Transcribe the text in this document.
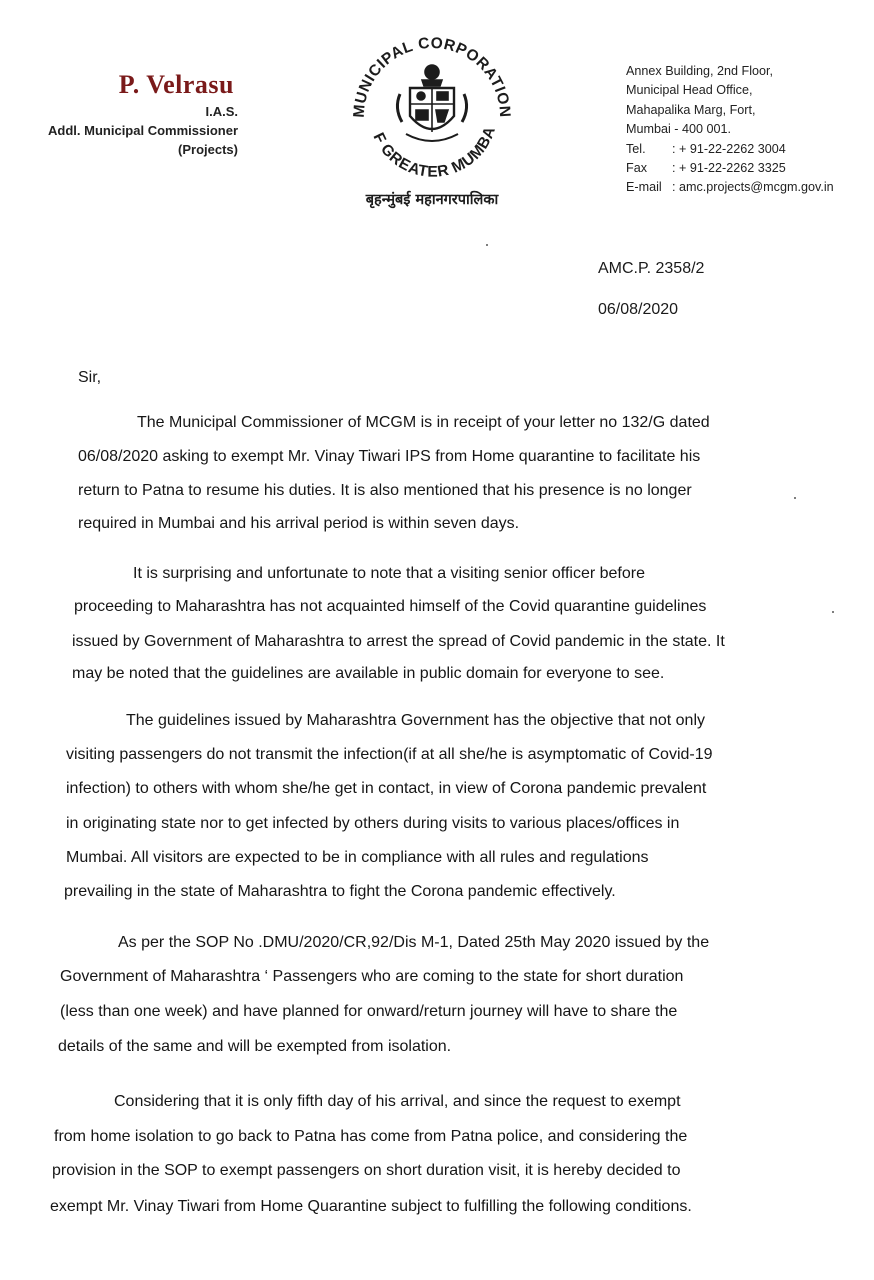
P. Velrasu
I.A.S.
Addl. Municipal Commissioner
(Projects)
MUNICIPAL CORPORATION
F GREATER MUMBA
बृहन्मुंबई महानगरपालिका
Annex Building, 2nd Floor,
Municipal Head Office,
Mahapalika Marg, Fort,
Mumbai - 400 001.
Tel. : + 91-22-2262 3004
Fax : + 91-22-2262 3325
E-mail : amc.projects@mcgm.gov.in
AMC.P. 2358/2
06/08/2020
Sir,
The Municipal Commissioner of MCGM is in receipt of your letter no 132/G dated
06/08/2020 asking to exempt Mr. Vinay Tiwari IPS from Home quarantine to facilitate his
return to Patna to resume his duties. It is also mentioned that his presence is no longer
required in Mumbai and his arrival period is within seven days.
It is surprising and unfortunate to note that a visiting senior officer before
proceeding to Maharashtra has not acquainted himself of the Covid quarantine guidelines
issued by Government of Maharashtra to arrest the spread of Covid pandemic in the state. It
may be noted that the guidelines are available in public domain for everyone to see.
The guidelines issued by Maharashtra Government has the objective that not only
visiting passengers do not transmit the infection(if at all she/he is asymptomatic of Covid-19
infection) to others with whom she/he get in contact, in view of Corona pandemic prevalent
in originating state nor to get infected by others during visits to various places/offices in
Mumbai. All visitors are expected to be in compliance with all rules and regulations
prevailing in the state of Maharashtra to fight the Corona pandemic effectively.
As per the SOP No .DMU/2020/CR,92/Dis M-1, Dated 25th May 2020 issued by the
Government of Maharashtra ‘ Passengers who are coming to the state for short duration
(less than one week) and have planned for onward/return journey will have to share the
details of the same and will be exempted from isolation.
Considering that it is only fifth day of his arrival, and since the request to exempt
from home isolation to go back to Patna has come from Patna police, and considering the
provision in the SOP to exempt passengers on short duration visit, it is hereby decided to
exempt Mr. Vinay Tiwari from Home Quarantine subject to fulfilling the following conditions.
